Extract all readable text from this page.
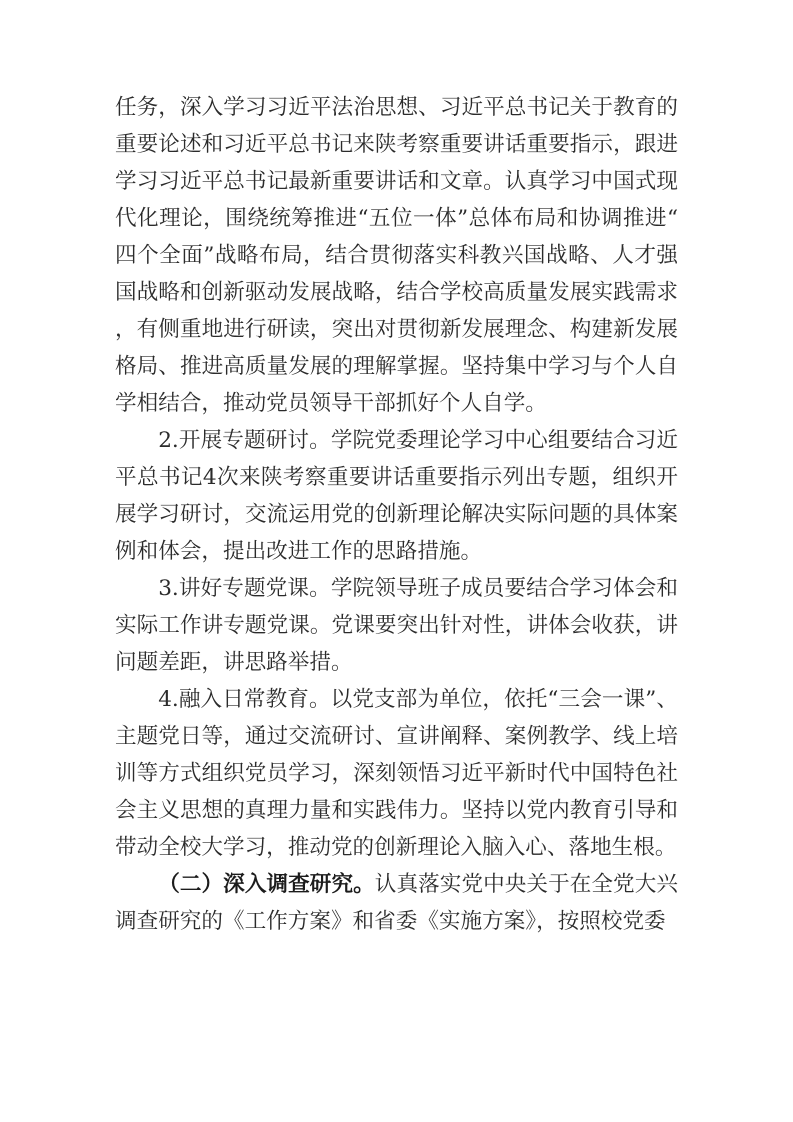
任务，深入学习习近平法治思想、习近平总书记关于教育的重要论述和习近平总书记来陕考察重要讲话重要指示，跟进学习习近平总书记最新重要讲话和文章。认真学习中国式现代化理论，围绕统筹推进“五位一体”总体布局和协调推进“四个全面”战略布局，结合贯彻落实科教兴国战略、人才强国战略和创新驱动发展战略，结合学校高质量发展实践需求，有侧重地进行研读，突出对贯彻新发展理念、构建新发展格局、推进高质量发展的理解掌握。坚持集中学习与个人自学相结合，推动党员领导干部抓好个人自学。

2.开展专题研讨。学院党委理论学习中心组要结合习近平总书记4次来陕考察重要讲话重要指示列出专题，组织开展学习研讨，交流运用党的创新理论解决实际问题的具体案例和体会，提出改进工作的思路措施。

3.讲好专题党课。学院领导班子成员要结合学习体会和实际工作讲专题党课。党课要突出针对性，讲体会收获，讲问题差距，讲思路举措。

4.融入日常教育。以党支部为单位，依托“三会一课”、主题党日等，通过交流研讨、宣讲阐释、案例教学、线上培训等方式组织党员学习，深刻领悟习近平新时代中国特色社会主义思想的真理力量和实践伟力。坚持以党内教育引导和带动全校大学习，推动党的创新理论入脑入心、落地生根。

（二）深入调查研究。认真落实党中央关于在全党大兴调查研究的《工作方案》和省委《实施方案》，按照校党委
